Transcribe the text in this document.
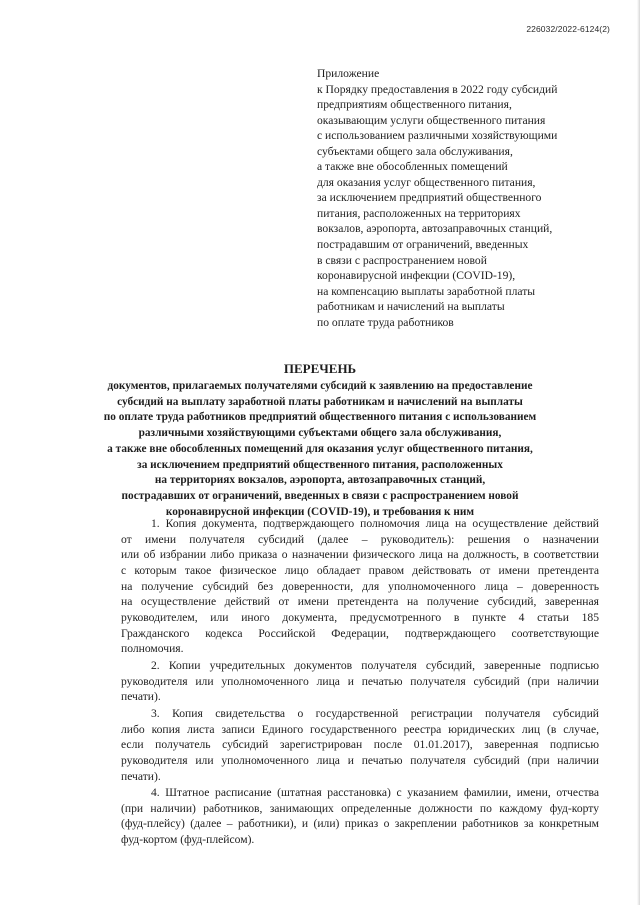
226032/2022-6124(2)
Приложение
к Порядку предоставления в 2022 году субсидий
предприятиям общественного питания,
оказывающим услуги общественного питания
с использованием различными хозяйствующими
субъектами общего зала обслуживания,
а также вне обособленных помещений
для оказания услуг общественного питания,
за исключением предприятий общественного
питания, расположенных на территориях
вокзалов, аэропорта, автозаправочных станций,
пострадавшим от ограничений, введенных
в связи с распространением новой
коронавирусной инфекции (COVID-19),
на компенсацию выплаты заработной платы
работникам и начислений на выплаты
по оплате труда работников
ПЕРЕЧЕНЬ
документов, прилагаемых получателями субсидий к заявлению на предоставление
субсидий на выплату заработной платы работникам и начислений на выплаты
по оплате труда работников предприятий общественного питания с использованием
различными хозяйствующими субъектами общего зала обслуживания,
а также вне обособленных помещений для оказания услуг общественного питания,
за исключением предприятий общественного питания, расположенных
на территориях вокзалов, аэропорта, автозаправочных станций,
пострадавших от ограничений, введенных в связи с распространением новой
коронавирусной инфекции (COVID-19), и требования к ним
1. Копия документа, подтверждающего полномочия лица на осуществление действий
от имени получателя субсидий (далее – руководитель): решения о назначении
или об избрании либо приказа о назначении физического лица на должность, в соответствии
с которым такое физическое лицо обладает правом действовать от имени претендента
на получение субсидий без доверенности, для уполномоченного лица – доверенность
на осуществление действий от имени претендента на получение субсидий, заверенная
руководителем, или иного документа, предусмотренного в пункте 4 статьи 185
Гражданского кодекса Российской Федерации, подтверждающего соответствующие
полномочия.
2. Копии учредительных документов получателя субсидий, заверенные подписью
руководителя или уполномоченного лица и печатью получателя субсидий (при наличии
печати).
3. Копия свидетельства о государственной регистрации получателя субсидий
либо копия листа записи Единого государственного реестра юридических лиц (в случае,
если получатель субсидий зарегистрирован после 01.01.2017), заверенная подписью
руководителя или уполномоченного лица и печатью получателя субсидий (при наличии
печати).
4. Штатное расписание (штатная расстановка) с указанием фамилии, имени, отчества
(при наличии) работников, занимающих определенные должности по каждому фуд-корту
(фуд-плейсу) (далее – работники), и (или) приказ о закреплении работников за конкретным
фуд-кортом (фуд-плейсом).
